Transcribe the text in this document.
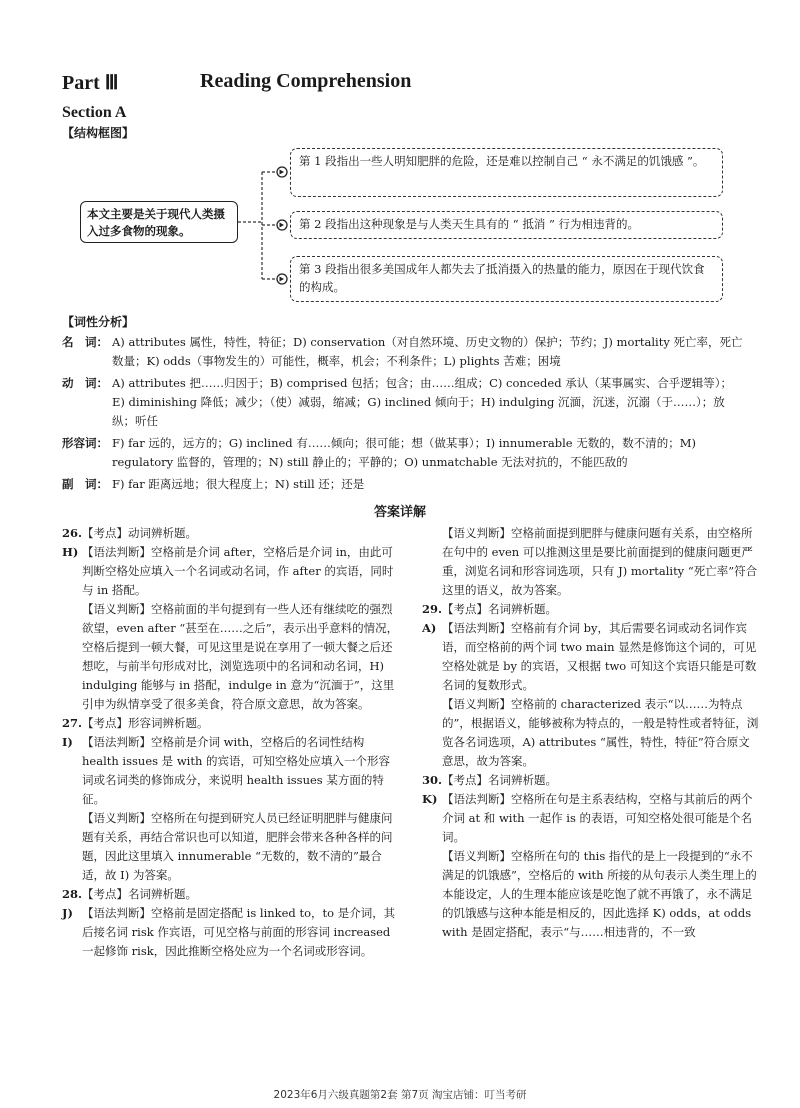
Part Ⅲ	Reading Comprehension
Section A
【结构框图】
本文主要是关于现代人类摄入过多食物的现象。
第 1 段指出一些人明知肥胖的危险，还是难以控制自己 “ 永不满足的饥饿感 ”。
第 2 段指出这种现象是与人类天生具有的 “ 抵消 ” 行为相违背的。
第 3 段指出很多美国成年人都失去了抵消摄入的热量的能力，原因在于现代饮食的构成。
【词性分析】
名　词： A) attributes 属性，特性，特征；D) conservation（对自然环境、历史文物的）保护；节约；J) mortality 死亡率，死亡数量；K) odds（事物发生的）可能性，概率，机会；不利条件；L) plights 苦难；困境
动　词： A) attributes 把……归因于；B) comprised 包括；包含；由……组成；C) conceded 承认（某事属实、合乎逻辑等）；E) diminishing 降低；减少；（使）减弱，缩减；G) inclined 倾向于；H) indulging 沉湎，沉迷，沉溺（于……）；放纵；听任
形容词： F) far 远的，远方的；G) inclined 有……倾向；很可能；想（做某事）；I) innumerable 无数的，数不清的；M) regulatory 监督的，管理的；N) still 静止的；平静的；O) unmatchable 无法对抗的，不能匹敌的
副　词： F) far 距离远地；很大程度上；N) still 还；还是
答案详解
26. 【考点】动词辨析题。

H) 【语法判断】空格前是介词 after，空格后是介词 in，由此可判断空格处应填入一个名词或动名词，作 after 的宾语，同时与 in 搭配。

【语义判断】空格前面的半句提到有一些人还有继续吃的强烈欲望，even after “甚至在……之后”，表示出乎意料的情况，空格后提到一顿大餐，可见这里是说在享用了一顿大餐之后还想吃，与前半句形成对比，浏览选项中的名词和动名词，H) indulging 能够与 in 搭配，indulge in 意为“沉湎于”，这里引申为纵情享受了很多美食，符合原文意思，故为答案。

27. 【考点】形容词辨析题。

I) 【语法判断】空格前是介词 with，空格后的名词性结构 health issues 是 with 的宾语，可知空格处应填入一个形容词或名词类的修饰成分，来说明 health issues 某方面的特征。

【语义判断】空格所在句提到研究人员已经证明肥胖与健康问题有关系，再结合常识也可以知道，肥胖会带来各种各样的问题，因此这里填入 innumerable “无数的，数不清的”最合适，故 I) 为答案。

28. 【考点】名词辨析题。

J) 【语法判断】空格前是固定搭配 is linked to，to 是介词，其后接名词 risk 作宾语，可见空格与前面的形容词 increased 一起修饰 risk，因此推断空格处应为一个名词或形容词。

【语义判断】空格前面提到肥胖与健康问题有关系，由空格所在句中的 even 可以推测这里是要比前面提到的健康问题更严重，浏览名词和形容词选项，只有 J) mortality “死亡率”符合这里的语义，故为答案。

29. 【考点】名词辨析题。

A) 【语法判断】空格前有介词 by，其后需要名词或动名词作宾语，而空格前的两个词 two main 显然是修饰这个词的，可见空格处就是 by 的宾语，又根据 two 可知这个宾语只能是可数名词的复数形式。

【语义判断】空格前的 characterized 表示“以……为特点的”，根据语义，能够被称为特点的，一般是特性或者特征，浏览各名词选项，A) attributes “属性，特性，特征”符合原文意思，故为答案。

30. 【考点】名词辨析题。

K) 【语法判断】空格所在句是主系表结构，空格与其前后的两个介词 at 和 with 一起作 is 的表语，可知空格处很可能是个名词。

【语义判断】空格所在句的 this 指代的是上一段提到的“永不满足的饥饿感”，空格后的 with 所接的从句表示人类生理上的本能设定，人的生理本能应该是吃饱了就不再饿了，永不满足的饥饿感与这种本能是相反的，因此选择 K) odds，at odds with 是固定搭配，表示“与……相违背的，不一致

2023年6月六级真题第2套 第7页 淘宝店铺：叮当考研
